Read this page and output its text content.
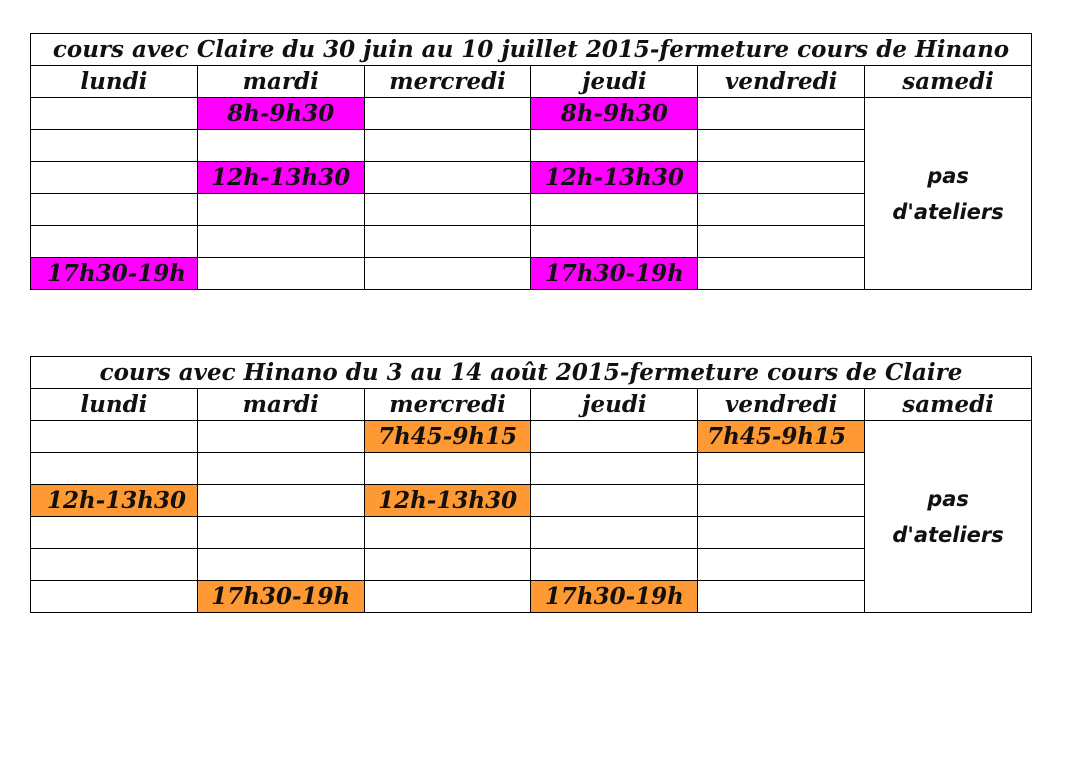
cours avec Claire du 30 juin au 10 juillet 2015-fermeture cours de Hinano					
lundi	mardi	mercredi	jeudi	vendredi	samedi
	8h-9h30		8h-9h30		pas
d'ateliers

	12h-13h30		12h-13h30		

17h30-19h			17h30-19h		
cours avec Hinano du 3 au 14 août 2015-fermeture cours de Claire					
lundi	mardi	mercredi	jeudi	vendredi	samedi
		7h45-9h15		7h45-9h15	pas
d'ateliers

12h-13h30		12h-13h30			

	17h30-19h		17h30-19h		
